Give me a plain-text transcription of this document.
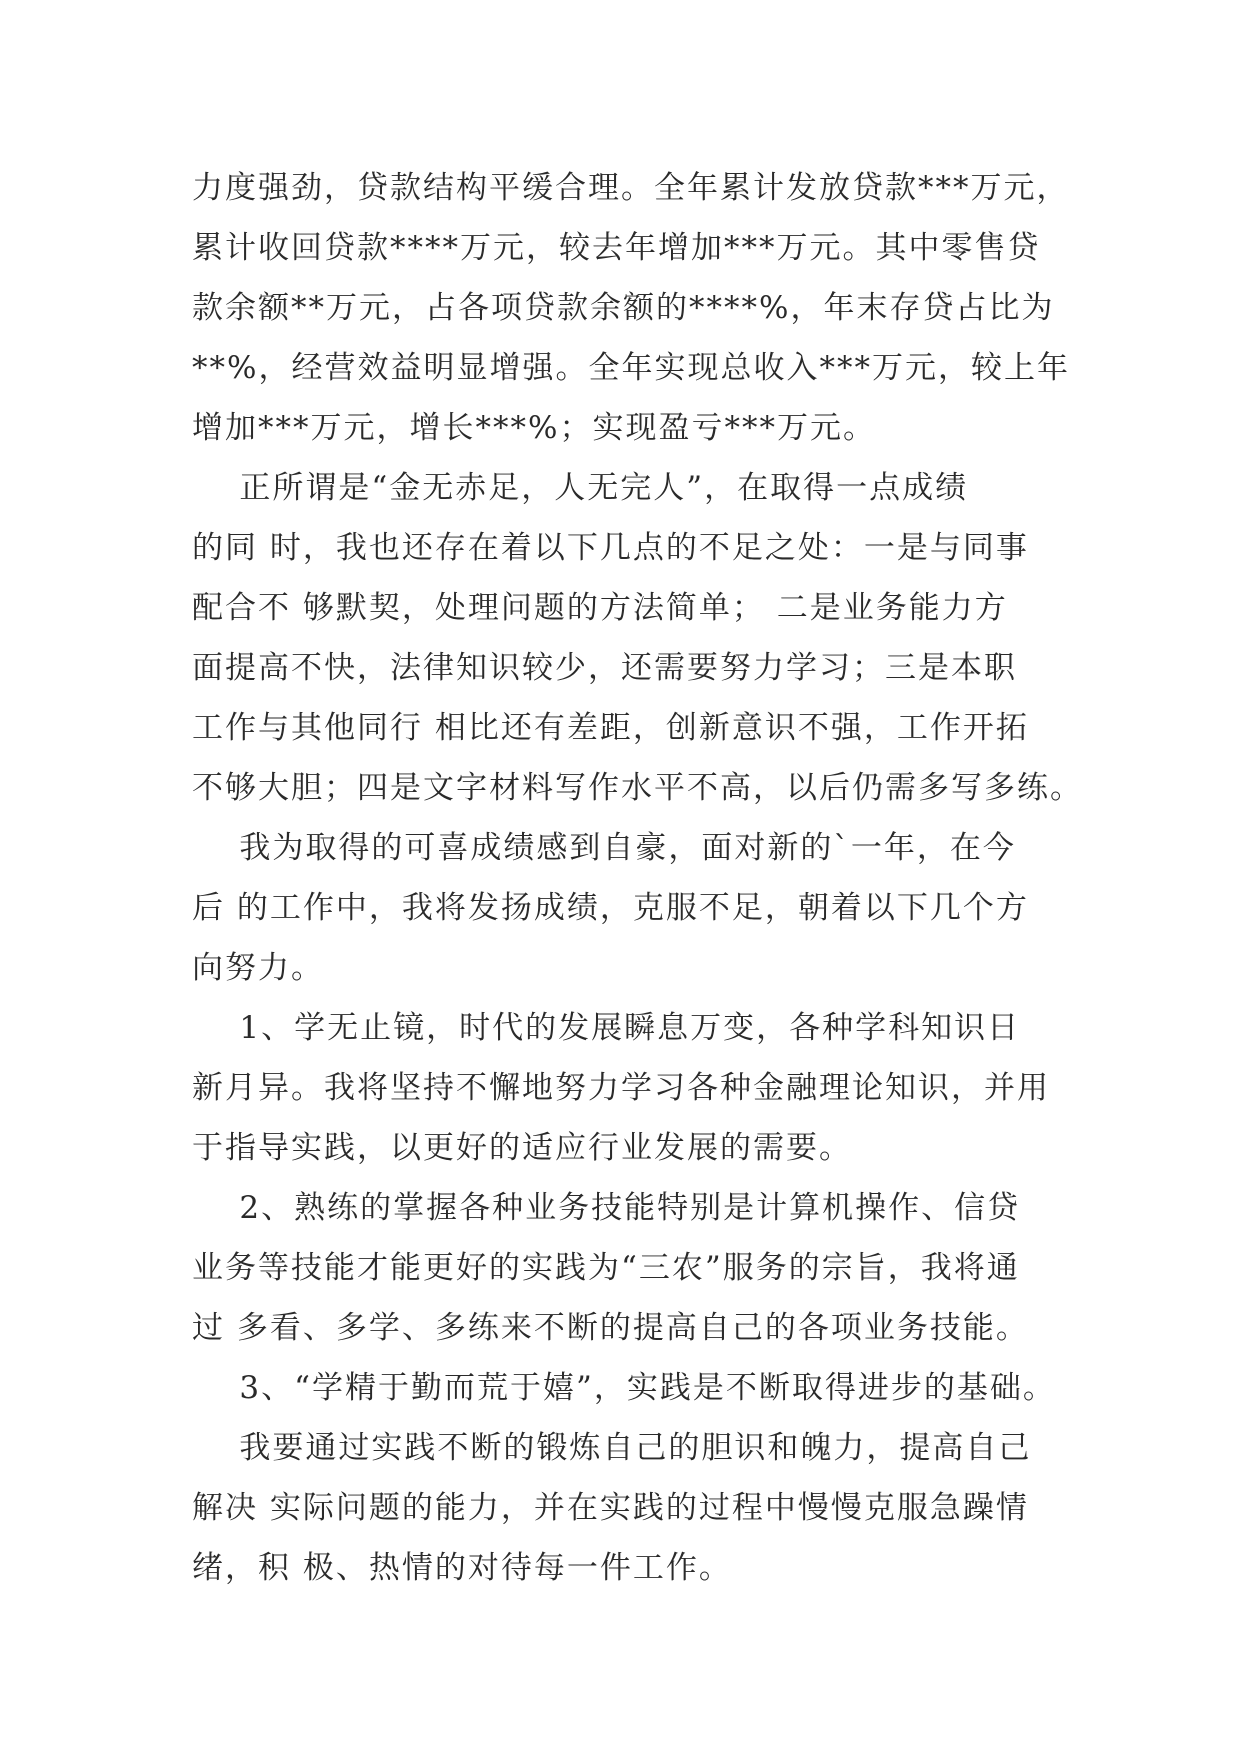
力度强劲，贷款结构平缓合理。全年累计发放贷款***万元，
累计收回贷款****万元，较去年增加***万元。其中零售贷
款余额**万元，占各项贷款余额的****%，年末存贷占比为
**%，经营效益明显增强。全年实现总收入***万元，较上年
增加***万元，增长***%；实现盈亏***万元。
正所谓是“金无赤足，人无完人”，在取得一点成绩
的同 时，我也还存在着以下几点的不足之处：一是与同事
配合不 够默契，处理问题的方法简单； 二是业务能力方
面提高不快，法律知识较少，还需要努力学习；三是本职
工作与其他同行 相比还有差距，创新意识不强，工作开拓
不够大胆；四是文字材料写作水平不高，以后仍需多写多练。
我为取得的可喜成绩感到自豪，面对新的`一年，在今
后 的工作中，我将发扬成绩，克服不足，朝着以下几个方
向努力。
1、学无止镜，时代的发展瞬息万变，各种学科知识日
新月异。我将坚持不懈地努力学习各种金融理论知识，并用
于指导实践，以更好的适应行业发展的需要。
2、熟练的掌握各种业务技能特别是计算机操作、信贷
业务等技能才能更好的实践为“三农”服务的宗旨，我将通
过 多看、多学、多练来不断的提高自己的各项业务技能。
3、“学精于勤而荒于嬉”，实践是不断取得进步的基础。
我要通过实践不断的锻炼自己的胆识和魄力，提高自己
解决 实际问题的能力，并在实践的过程中慢慢克服急躁情
绪，积 极、热情的对待每一件工作。
